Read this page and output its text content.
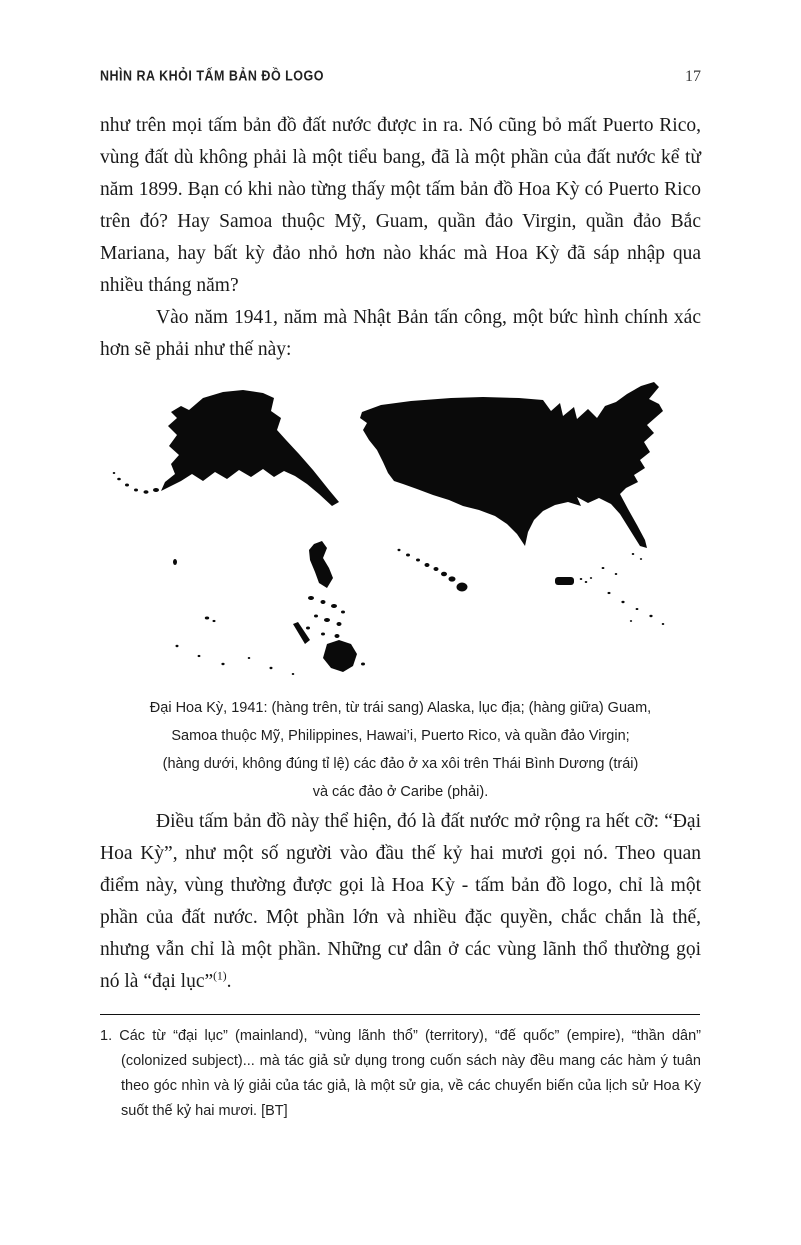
NHÌN RA KHỎI TẤM BẢN ĐỒ LOGO	17

như trên mọi tấm bản đồ đất nước được in ra. Nó cũng bỏ mất Puerto Rico, vùng đất dù không phải là một tiểu bang, đã là một phần của đất nước kể từ năm 1899. Bạn có khi nào từng thấy một tấm bản đồ Hoa Kỳ có Puerto Rico trên đó? Hay Samoa thuộc Mỹ, Guam, quần đảo Virgin, quần đảo Bắc Mariana, hay bất kỳ đảo nhỏ hơn nào khác mà Hoa Kỳ đã sáp nhập qua nhiều tháng năm?

Vào năm 1941, năm mà Nhật Bản tấn công, một bức hình chính xác hơn sẽ phải như thế này:

Đại Hoa Kỳ, 1941: (hàng trên, từ trái sang) Alaska, lục địa; (hàng giữa) Guam,
Samoa thuộc Mỹ, Philippines, Hawai’i, Puerto Rico, và quần đảo Virgin;
(hàng dưới, không đúng tỉ lệ) các đảo ở xa xôi trên Thái Bình Dương (trái)
và các đảo ở Caribe (phải).

Điều tấm bản đồ này thể hiện, đó là đất nước mở rộng ra hết cỡ: “Đại Hoa Kỳ”, như một số người vào đầu thế kỷ hai mươi gọi nó. Theo quan điểm này, vùng thường được gọi là Hoa Kỳ - tấm bản đồ logo, chỉ là một phần của đất nước. Một phần lớn và nhiều đặc quyền, chắc chắn là thế, nhưng vẫn chỉ là một phần. Những cư dân ở các vùng lãnh thổ thường gọi nó là “đại lục”$^{(1)}$.

1. Các từ “đại lục” (mainland), “vùng lãnh thổ” (territory), “đế quốc” (empire), “thần dân” (colonized subject)... mà tác giả sử dụng trong cuốn sách này đều mang các hàm ý tuân theo góc nhìn và lý giải của tác giả, là một sử gia, về các chuyển biến của lịch sử Hoa Kỳ suốt thế kỷ hai mươi. [BT]
